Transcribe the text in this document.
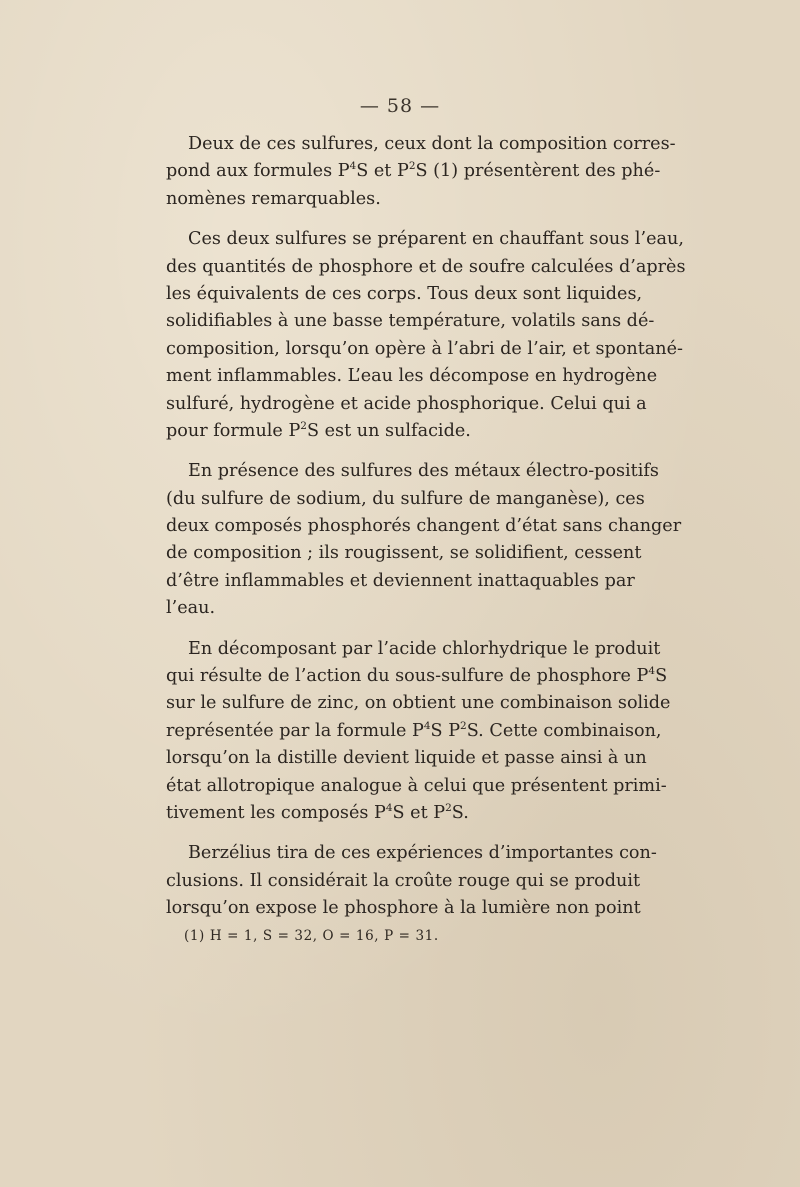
— 58 —
Deux de ces sulfures, ceux dont la composition corres-
pond aux formules $P^4S$ et $P^2S$ (1) présentèrent des phé-
nomènes remarquables.
Ces deux sulfures se préparent en chauffant sous l’eau,
des quantités de phosphore et de soufre calculées d’après
les équivalents de ces corps. Tous deux sont liquides,
solidifiables à une basse température, volatils sans dé-
composition, lorsqu’on opère à l’abri de l’air, et spontané-
ment inflammables. L’eau les décompose en hydrogène
sulfuré, hydrogène et acide phosphorique. Celui qui a
pour formule $P^2S$ est un sulfacide.
En présence des sulfures des métaux électro-positifs
(du sulfure de sodium, du sulfure de manganèse), ces
deux composés phosphorés changent d’état sans changer
de composition ; ils rougissent, se solidifient, cessent
d’être inflammables et deviennent inattaquables par
l’eau.
En décomposant par l’acide chlorhydrique le produit
qui résulte de l’action du sous-sulfure de phosphore $P^4S$
sur le sulfure de zinc, on obtient une combinaison solide
représentée par la formule $P^4S$ $P^2S$. Cette combinaison,
lorsqu’on la distille devient liquide et passe ainsi à un
état allotropique analogue à celui que présentent primi-
tivement les composés $P^4S$ et $P^2S$.
Berzélius tira de ces expériences d’importantes con-
clusions. Il considérait la croûte rouge qui se produit
lorsqu’on expose le phosphore à la lumière non point
(1) H = 1, S = 32, O = 16, P = 31.
